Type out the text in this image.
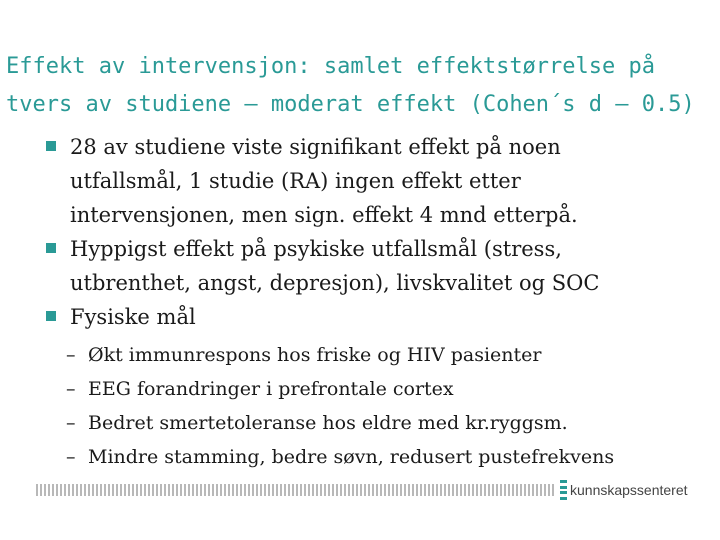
Effekt av intervensjon: samlet effektstørrelse på
tvers av studiene – moderat effekt (Cohen´s d – 0.5)
28 av studiene viste signifikant effekt på noen
utfallsmål, 1 studie (RA) ingen effekt etter
intervensjonen, men sign. effekt 4 mnd etterpå.
Hyppigst effekt på psykiske utfallsmål (stress,
utbrenthet, angst, depresjon), livskvalitet og SOC
Fysiske mål
– Økt immunrespons hos friske og HIV pasienter
– EEG forandringer i prefrontale cortex
– Bedret smertetoleranse hos eldre med kr.ryggsm.
– Mindre stamming, bedre søvn, redusert pustefrekvens
kunnskapssenteret
